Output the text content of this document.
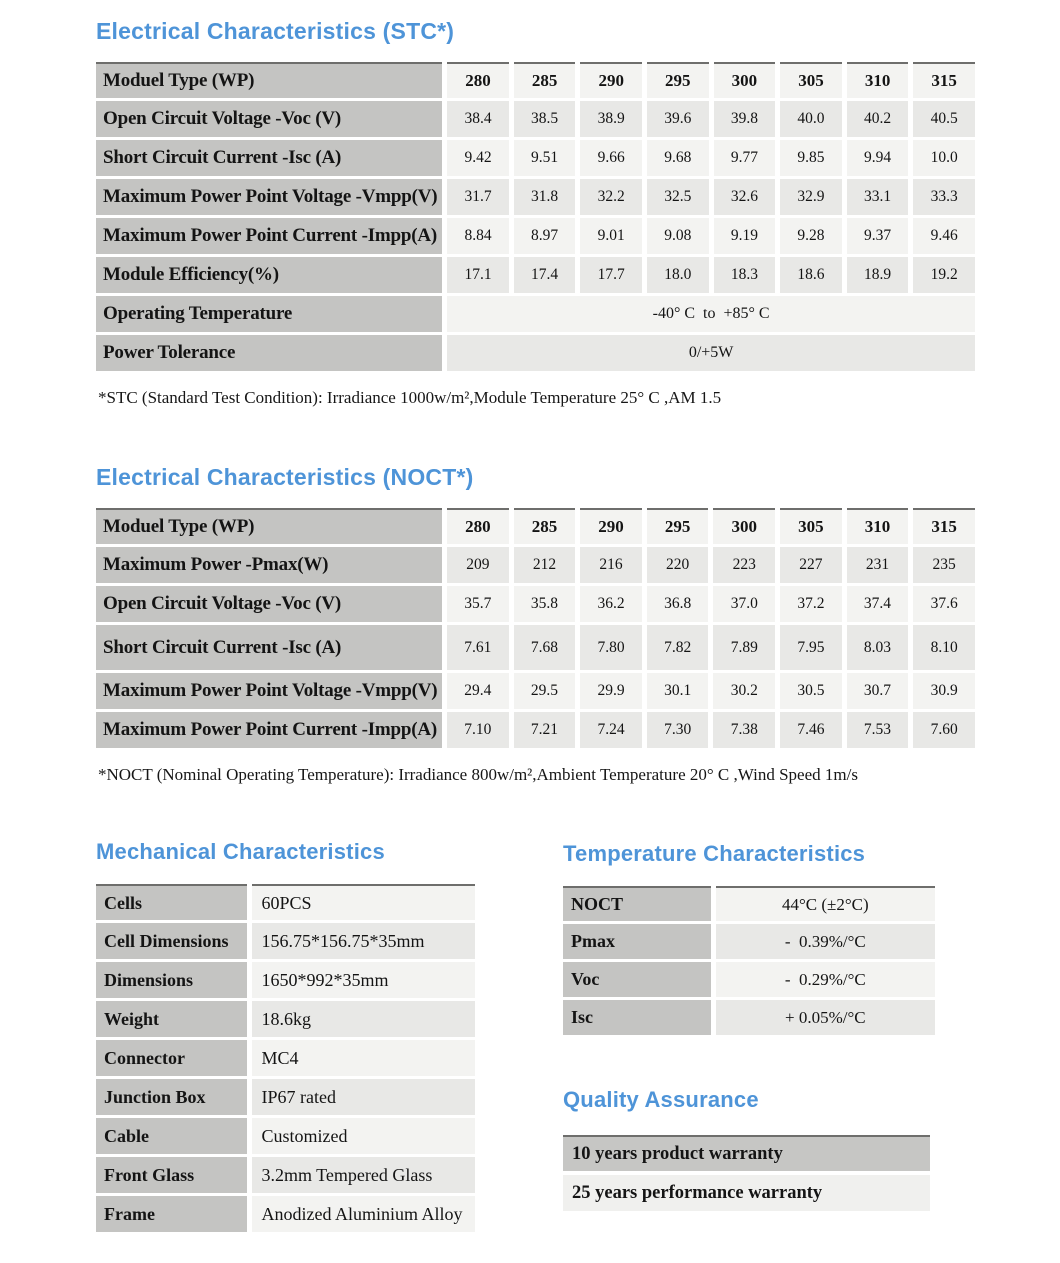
Electrical Characteristics (STC*)
Moduel Type (WP)	280	285	290	295	300	305	310	315
Open Circuit Voltage -Voc (V)	38.4	38.5	38.9	39.6	39.8	40.0	40.2	40.5
Short Circuit Current -Isc (A)	9.42	9.51	9.66	9.68	9.77	9.85	9.94	10.0
Maximum Power Point Voltage -Vmpp(V)	31.7	31.8	32.2	32.5	32.6	32.9	33.1	33.3
Maximum Power Point Current -Impp(A)	8.84	8.97	9.01	9.08	9.19	9.28	9.37	9.46
Module Efficiency(%)	17.1	17.4	17.7	18.0	18.3	18.6	18.9	19.2
Operating Temperature	-40° C  to  +85° C							
Power Tolerance	0/+5W							

*STC (Standard Test Condition): Irradiance 1000w/m²,Module Temperature 25° C ,AM 1.5

Electrical Characteristics (NOCT*)
Moduel Type (WP)	280	285	290	295	300	305	310	315
Maximum Power -Pmax(W)	209	212	216	220	223	227	231	235
Open Circuit Voltage -Voc (V)	35.7	35.8	36.2	36.8	37.0	37.2	37.4	37.6
Short Circuit Current -Isc (A)	7.61	7.68	7.80	7.82	7.89	7.95	8.03	8.10
Maximum Power Point Voltage -Vmpp(V)	29.4	29.5	29.9	30.1	30.2	30.5	30.7	30.9
Maximum Power Point Current -Impp(A)	7.10	7.21	7.24	7.30	7.38	7.46	7.53	7.60

*NOCT (Nominal Operating Temperature): Irradiance 800w/m²,Ambient Temperature 20° C ,Wind Speed 1m/s

Mechanical Characteristics
Cells	60PCS
Cell Dimensions	156.75*156.75*35mm
Dimensions	1650*992*35mm
Weight	18.6kg
Connector	MC4
Junction Box	IP67 rated
Cable	Customized
Front Glass	3.2mm Tempered Glass
Frame	Anodized Aluminium Alloy
Temperature Characteristics
NOCT	44°C (±2°C)
Pmax	-  0.39%/°C
Voc	-  0.29%/°C
Isc	+ 0.05%/°C
Quality Assurance
10 years product warranty
25 years performance warranty
